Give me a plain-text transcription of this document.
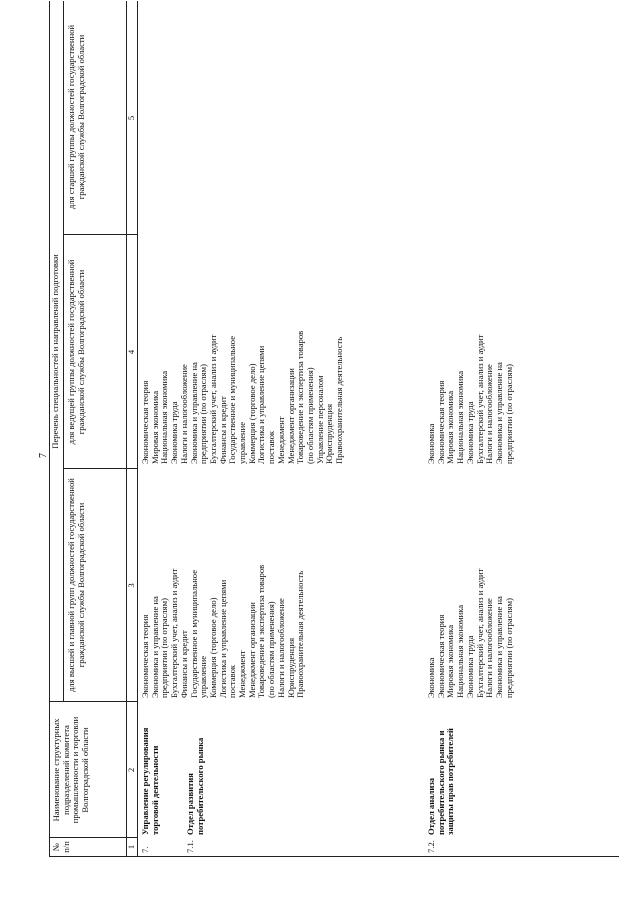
7
№ п/п
Наименование структурных подразделений комитета промышленности и торговли Волгоградской области
Перечень специальностей и направлений подготовки
для высшей и главной групп должностей государственной гражданской службы Волгоградской области
для ведущей группы должностей государственной гражданской службы Волгоградской области
для старшей группы должностей государственной гражданской службы Волгоградской области
1
2
3
4
5
7.
Управление регулирования торговой деятельности
Экономическая теория Экономика и управление на предприятии (по отраслям) Бухгалтерский учет, анализ и аудит Финансы и кредит Государственное и муниципальное управление Коммерция (торговое дело) Логистика и управление цепями поставок Менеджмент Менеджмент организации Товароведение и экспертиза товаров (по областям применения) Налоги и налогообложение Юриспруденция Правоохранительная деятельность
Экономическая теория Мировая экономика Национальная экономика Экономика труда Налоги и налогообложение Экономика и управление на предприятии (по отраслям) Бухгалтерский учет, анализ и аудит Финансы и кредит Государственное и муниципальное управление Коммерция (торговое дело) Логистика и управление цепями поставок Менеджмент Менеджмент организации Товароведение и экспертиза товаров (по областям применения) Управление персоналом Юриспруденция Правоохранительная деятельность
7.1.
Отдел развития потребительского рынка
7.2.
Отдел анализа потребительского рынка и защиты прав потребителей
Экономика Экономическая теория Мировая экономика Национальная экономика Экономика труда Бухгалтерский учет, анализ и аудит Налоги и налогообложение Экономика и управление на предприятии (по отраслям)
Экономика Экономическая теория Мировая экономика Национальная экономика Экономика труда Бухгалтерский учет, анализ и аудит Налоги и налогообложение Экономика и управление на предприятии (по отраслям)
